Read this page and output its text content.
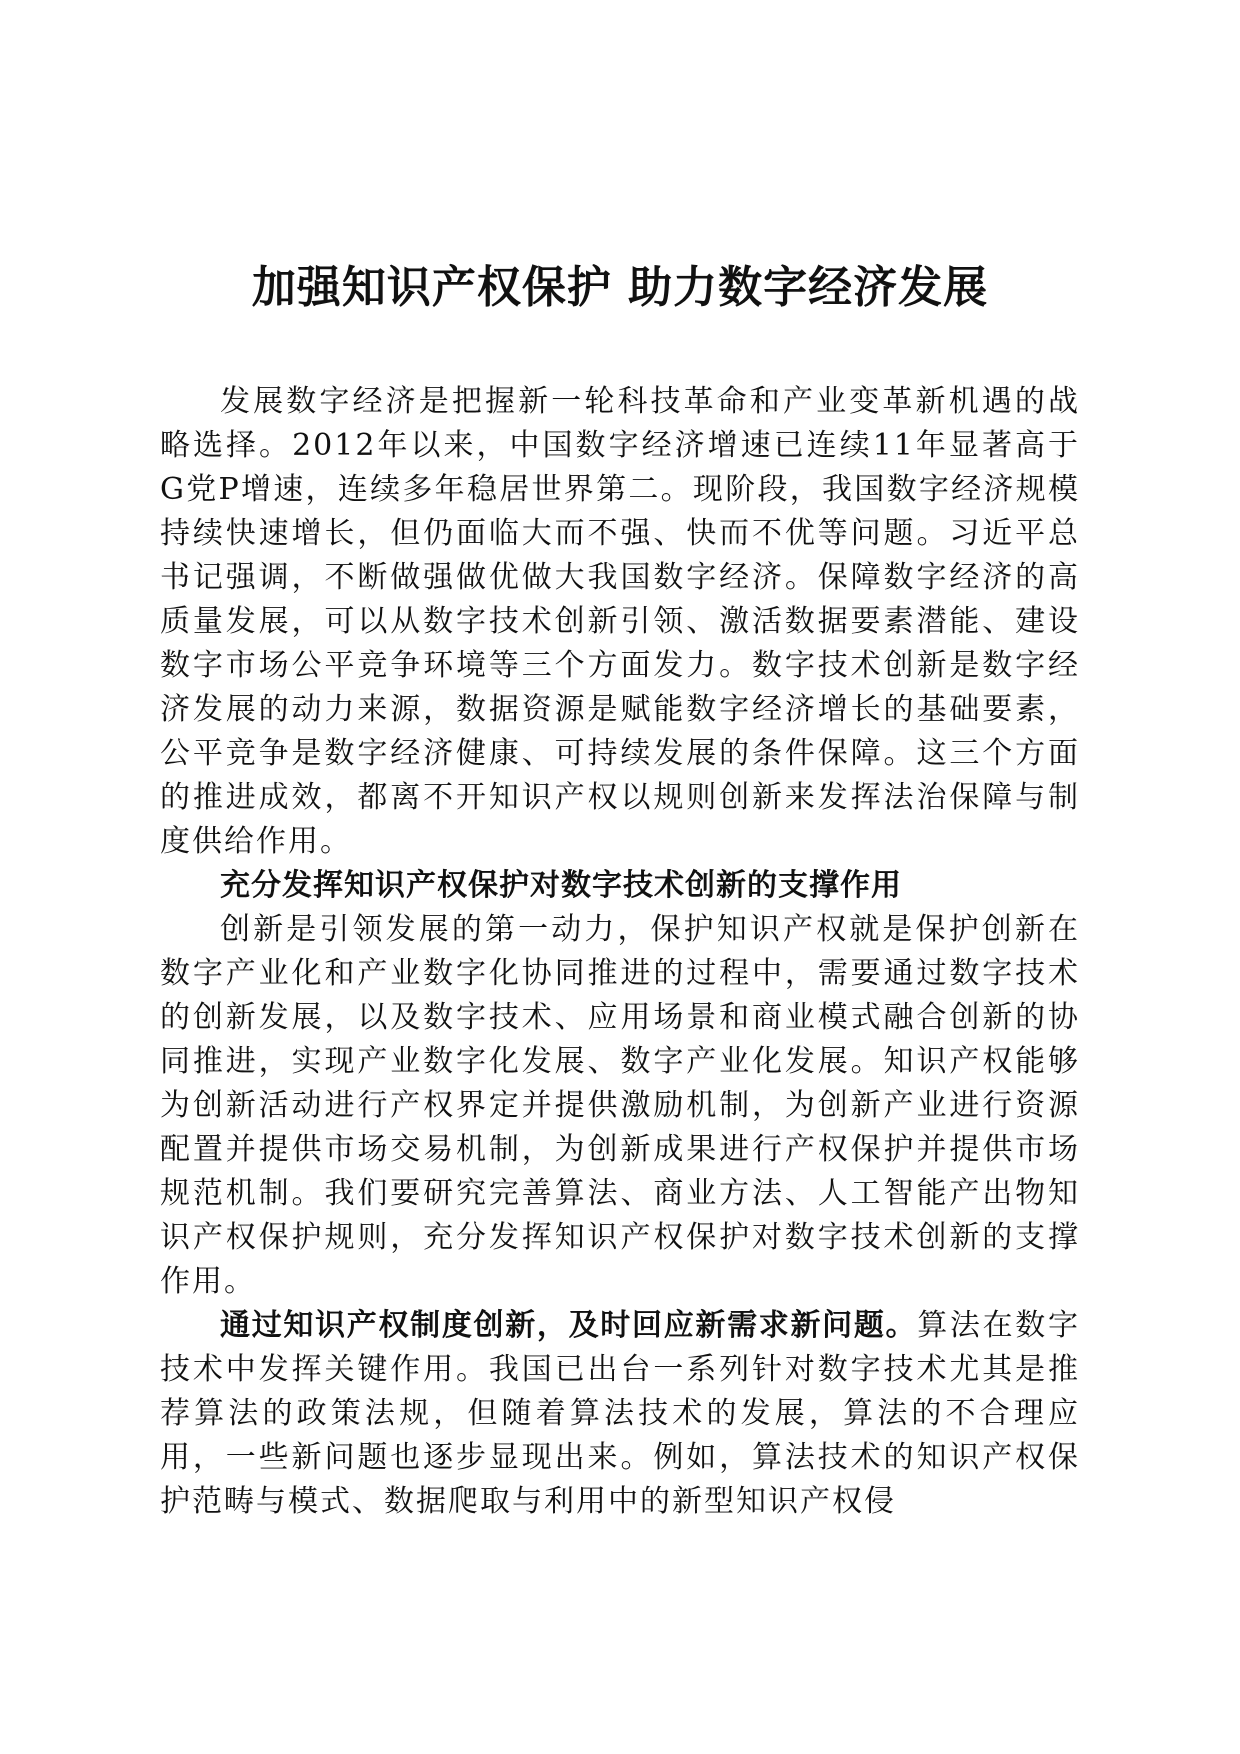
加强知识产权保护 助力数字经济发展

发展数字经济是把握新一轮科技革命和产业变革新机遇的战略选择。2012年以来，中国数字经济增速已连续11年显著高于G党P增速，连续多年稳居世界第二。现阶段，我国数字经济规模持续快速增长，但仍面临大而不强、快而不优等问题。习近平总书记强调，不断做强做优做大我国数字经济。保障数字经济的高质量发展，可以从数字技术创新引领、激活数据要素潜能、建设数字市场公平竞争环境等三个方面发力。数字技术创新是数字经济发展的动力来源，数据资源是赋能数字经济增长的基础要素，公平竞争是数字经济健康、可持续发展的条件保障。这三个方面的推进成效，都离不开知识产权以规则创新来发挥法治保障与制度供给作用。

充分发挥知识产权保护对数字技术创新的支撑作用

创新是引领发展的第一动力，保护知识产权就是保护创新在数字产业化和产业数字化协同推进的过程中，需要通过数字技术的创新发展，以及数字技术、应用场景和商业模式融合创新的协同推进，实现产业数字化发展、数字产业化发展。知识产权能够为创新活动进行产权界定并提供激励机制，为创新产业进行资源配置并提供市场交易机制，为创新成果进行产权保护并提供市场规范机制。我们要研究完善算法、商业方法、人工智能产出物知识产权保护规则，充分发挥知识产权保护对数字技术创新的支撑作用。

通过知识产权制度创新，及时回应新需求新问题。算法在数字技术中发挥关键作用。我国已出台一系列针对数字技术尤其是推荐算法的政策法规，但随着算法技术的发展，算法的不合理应用，一些新问题也逐步显现出来。例如，算法技术的知识产权保护范畴与模式、数据爬取与利用中的新型知识产权侵
